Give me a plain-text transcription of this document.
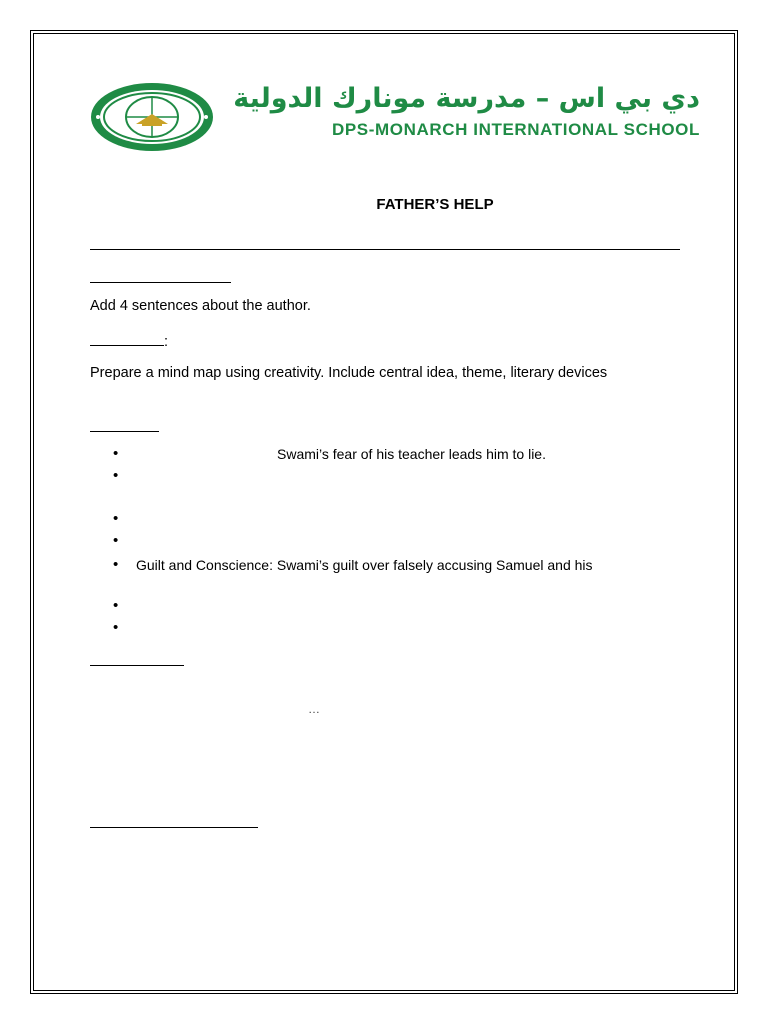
دي بي اس – مدرسة مونارك الدولية
DPS-MONARCH INTERNATIONAL SCHOOL
FATHER’S HELP
Add 4 sentences about the author.
:
Prepare a mind map using creativity. Include central idea, theme, literary devices
•	Swami’s fear of his teacher leads him to lie.
•
•
•
• Guilt and Conscience: Swami’s guilt over falsely accusing Samuel and his
•
•
…
